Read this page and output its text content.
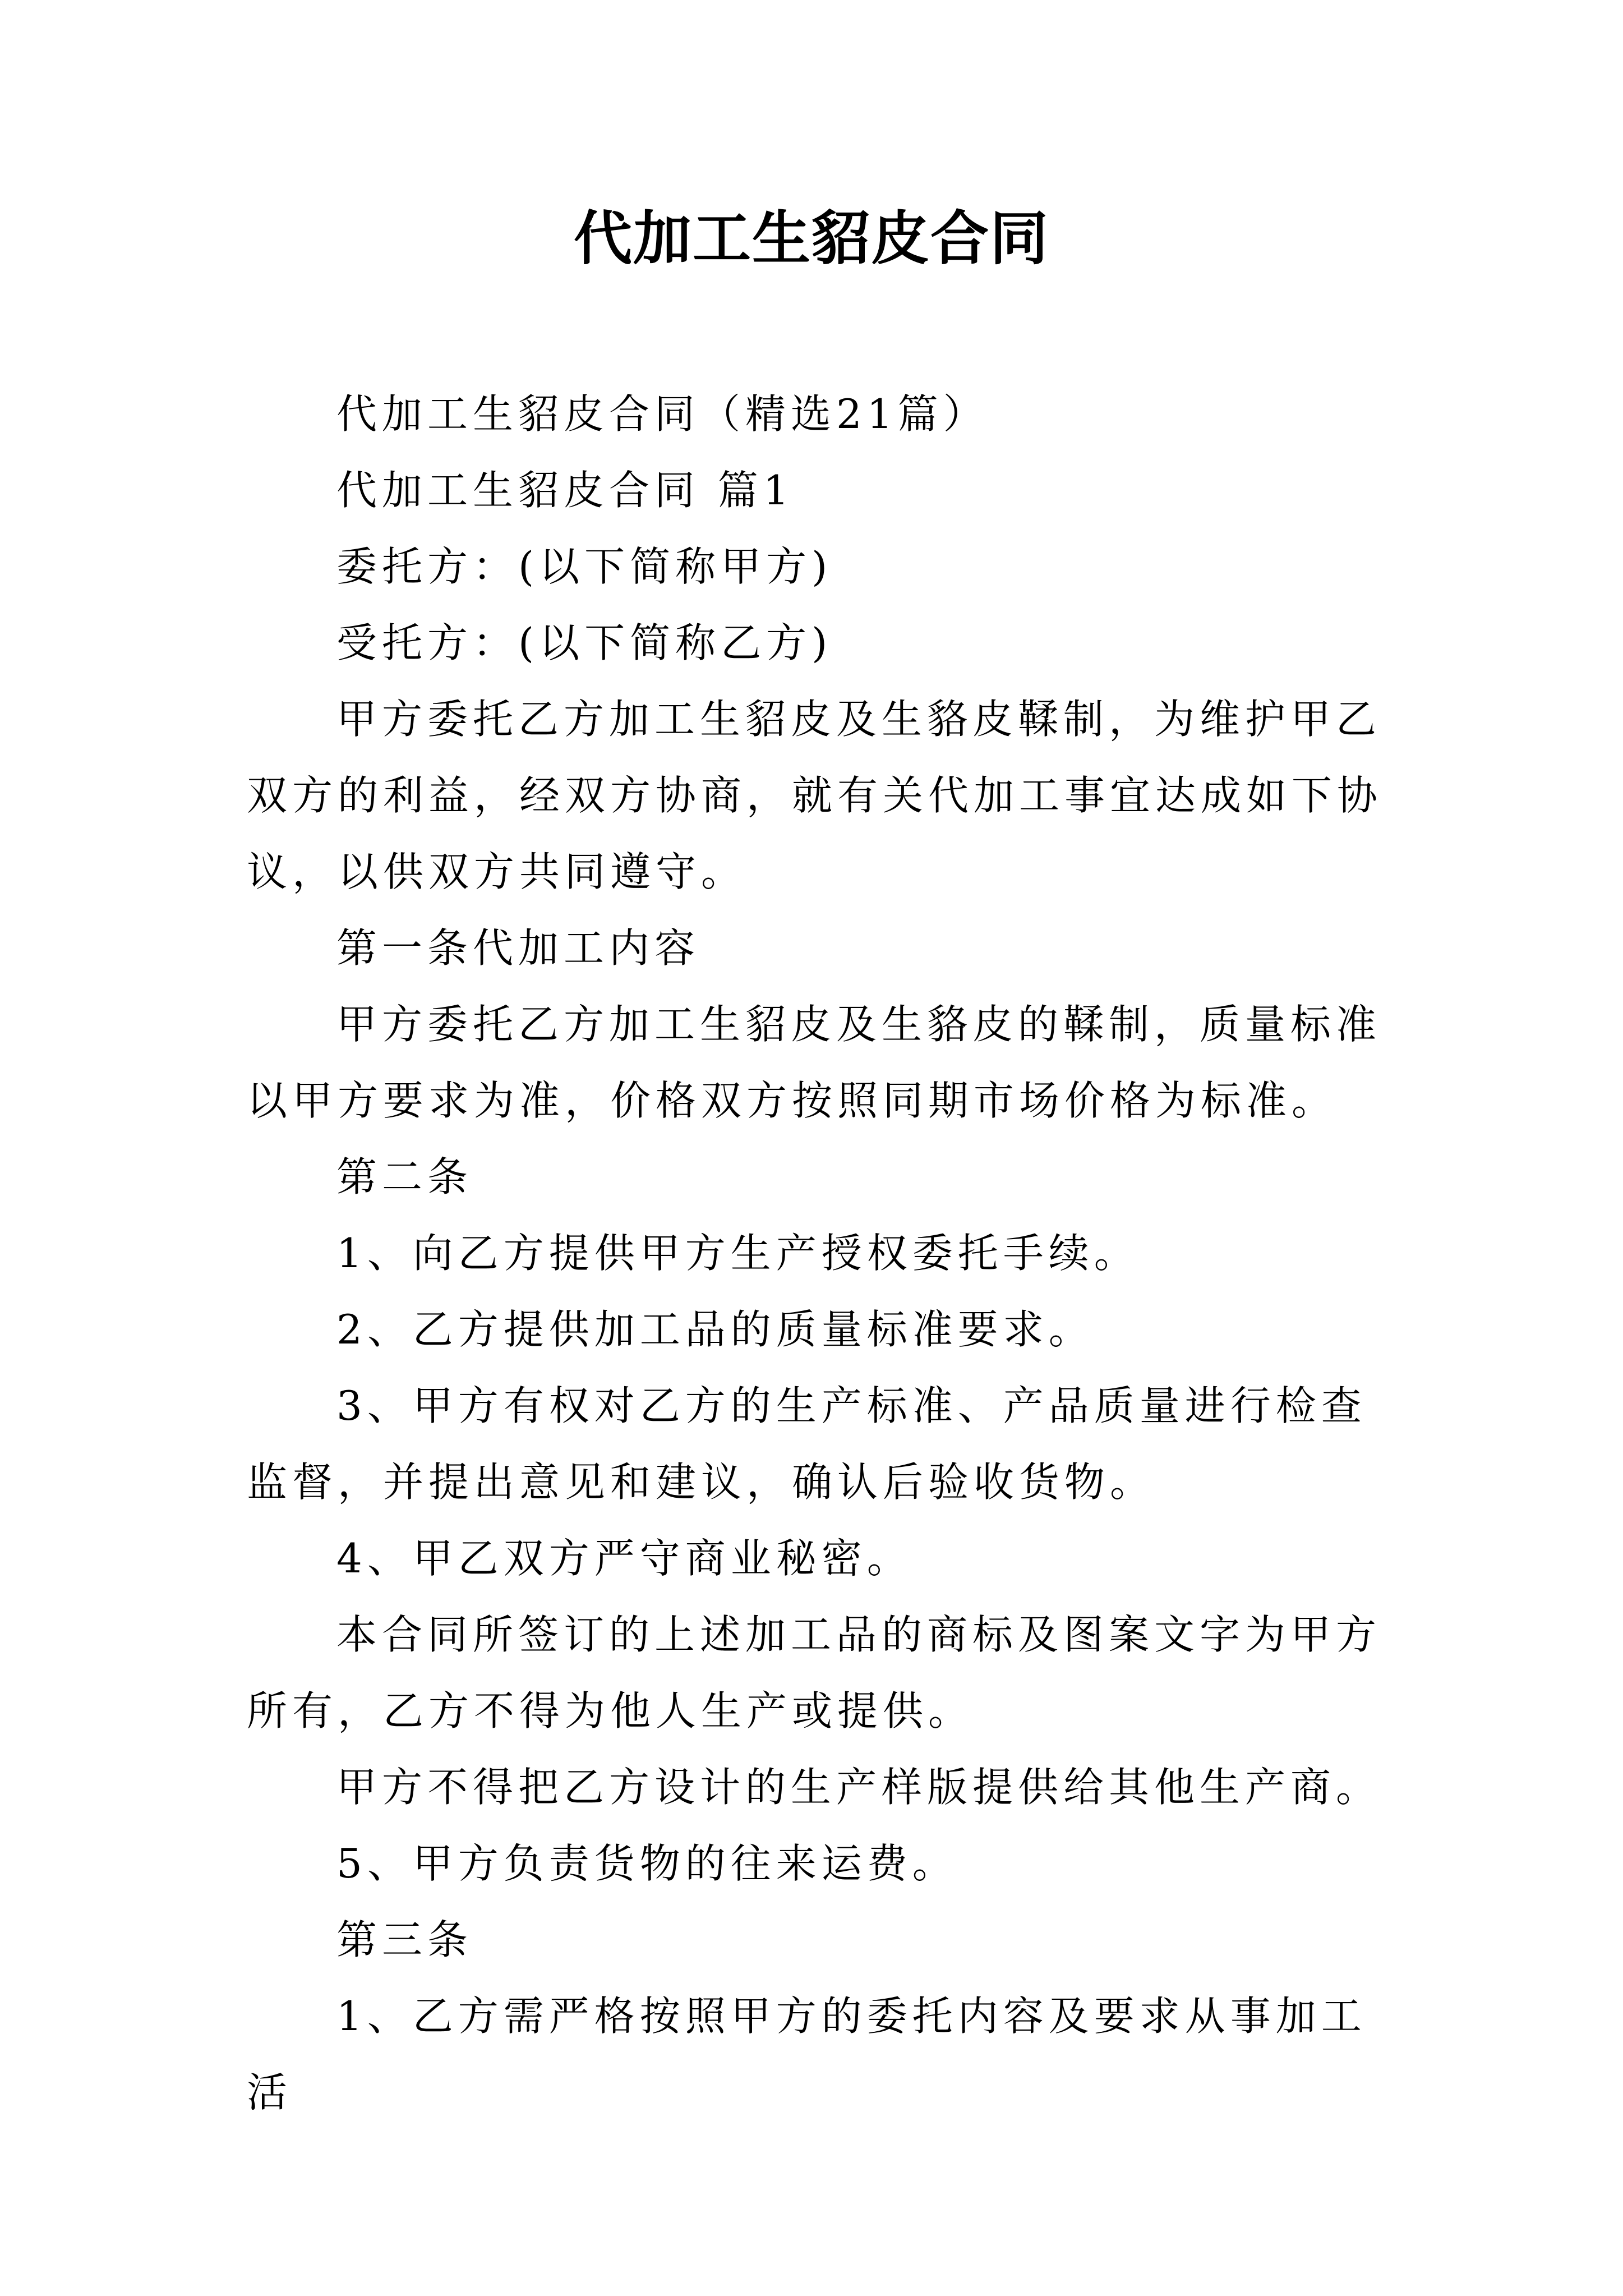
代加工生貂皮合同

代加工生貂皮合同（精选21篇）

代加工生貂皮合同 篇1

委托方：(以下简称甲方)

受托方：(以下简称乙方)

甲方委托乙方加工生貂皮及生貉皮鞣制，为维护甲乙双方的利益，经双方协商，就有关代加工事宜达成如下协议，以供双方共同遵守。

第一条代加工内容

甲方委托乙方加工生貂皮及生貉皮的鞣制，质量标准以甲方要求为准，价格双方按照同期市场价格为标准。

第二条

1、向乙方提供甲方生产授权委托手续。

2、乙方提供加工品的质量标准要求。

3、甲方有权对乙方的生产标准、产品质量进行检查监督，并提出意见和建议，确认后验收货物。

4、甲乙双方严守商业秘密。

本合同所签订的上述加工品的商标及图案文字为甲方所有，乙方不得为他人生产或提供。

甲方不得把乙方设计的生产样版提供给其他生产商。

5、甲方负责货物的往来运费。

第三条

1、乙方需严格按照甲方的委托内容及要求从事加工活
